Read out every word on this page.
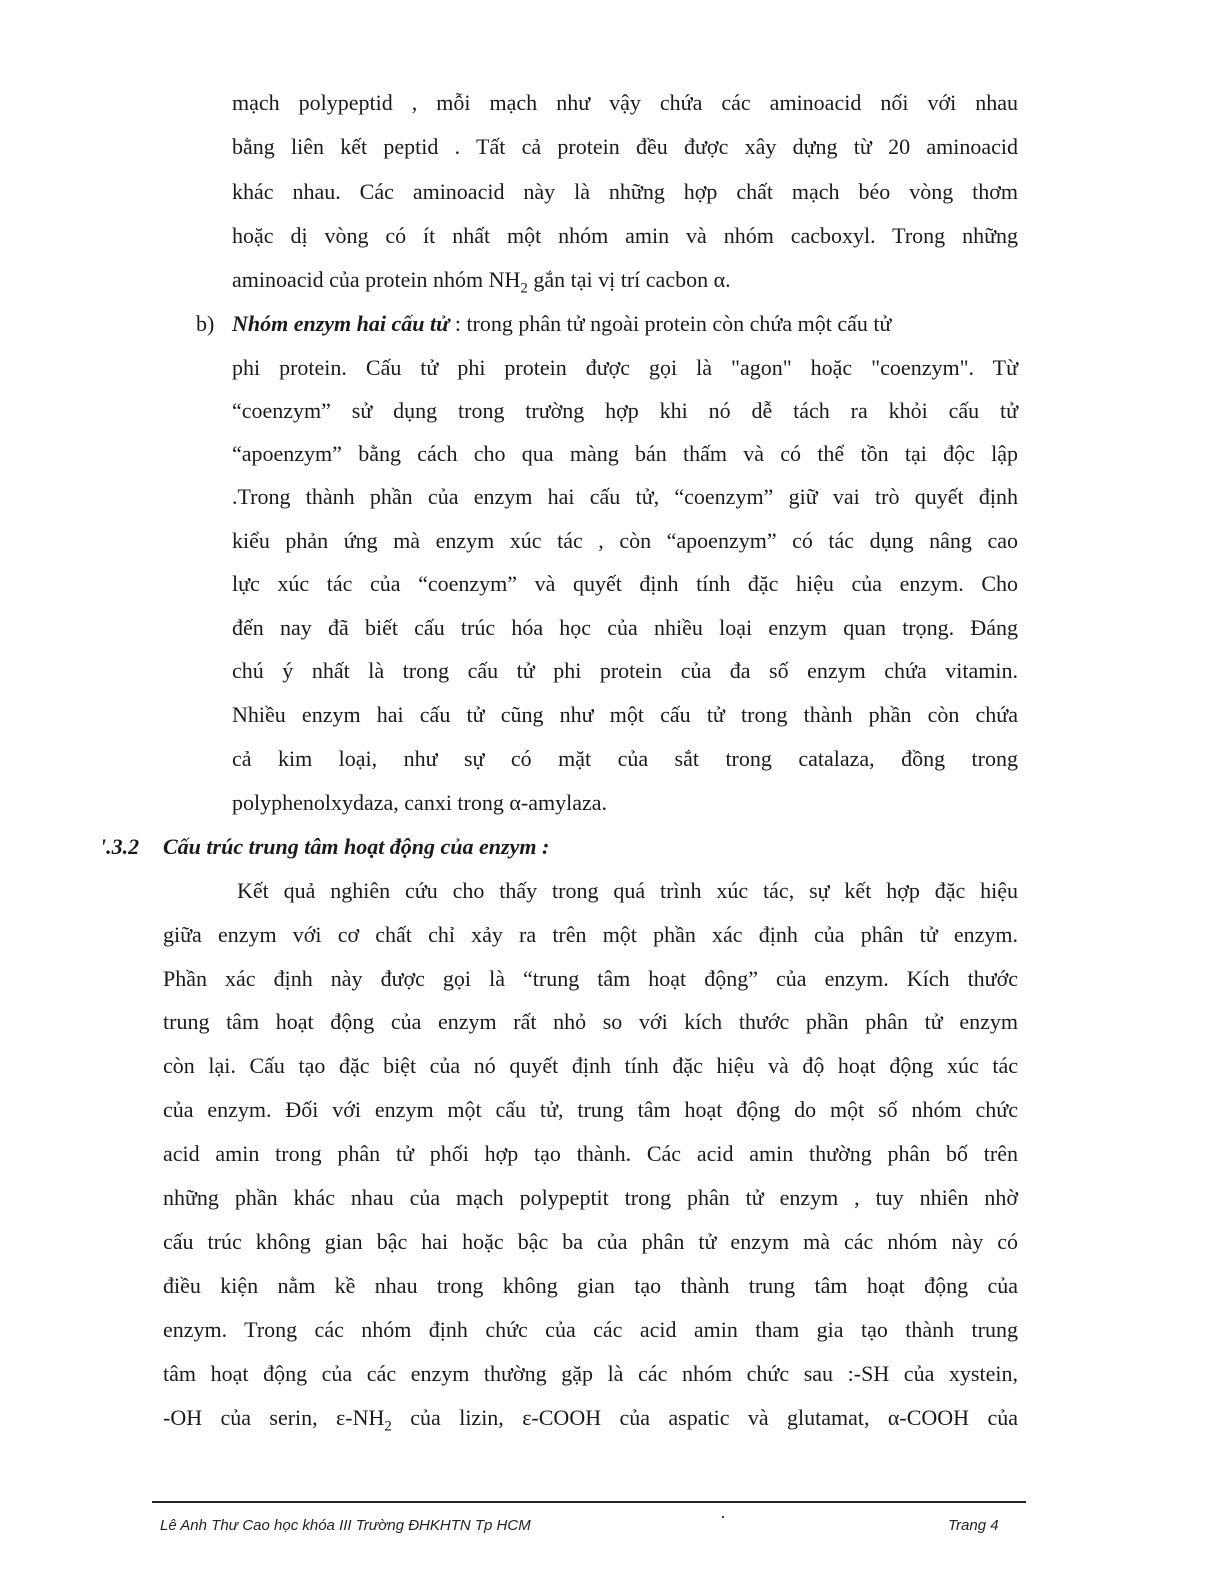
mạch polypeptid , mỗi mạch như vậy chứa các aminoacid nối với nhau
bằng liên kết peptid . Tất cả protein đều được xây dựng từ 20 aminoacid
khác nhau. Các aminoacid này là những hợp chất mạch béo vòng thơm
hoặc dị vòng có ít nhất một nhóm amin và nhóm cacboxyl. Trong những
aminoacid của protein nhóm $NH_2$ gắn tại vị trí cacbon α.
b) Nhóm enzym hai cấu tử : trong phân tử ngoài protein còn chứa một cấu tử
phi protein. Cấu tử phi protein được gọi là "agon" hoặc "coenzym". Từ
“coenzym” sử dụng trong trường hợp khi nó dễ tách ra khỏi cấu tử
“apoenzym” bằng cách cho qua màng bán thấm và có thể tồn tại độc lập
.Trong thành phần của enzym hai cấu tử, “coenzym” giữ vai trò quyết định
kiểu phản ứng mà enzym xúc tác , còn “apoenzym” có tác dụng nâng cao
lực xúc tác của “coenzym” và quyết định tính đặc hiệu của enzym. Cho
đến nay đã biết cấu trúc hóa học của nhiều loại enzym quan trọng. Đáng
chú ý nhất là trong cấu tử phi protein của đa số enzym chứa vitamin.
Nhiều enzym hai cấu tử cũng như một cấu tử trong thành phần còn chứa
cả kim loại, như sự có mặt của sắt trong catalaza, đồng trong
polyphenolxydaza, canxi trong α-amylaza.
'.3.2 Cấu trúc trung tâm hoạt động của enzym :
Kết quả nghiên cứu cho thấy trong quá trình xúc tác, sự kết hợp đặc hiệu
giữa enzym với cơ chất chỉ xảy ra trên một phần xác định của phân tử enzym.
Phần xác định này được gọi là “trung tâm hoạt động” của enzym. Kích thước
trung tâm hoạt động của enzym rất nhỏ so với kích thước phần phân tử enzym
còn lại. Cấu tạo đặc biệt của nó quyết định tính đặc hiệu và độ hoạt động xúc tác
của enzym. Đối với enzym một cấu tử, trung tâm hoạt động do một số nhóm chức
acid amin trong phân tử phối hợp tạo thành. Các acid amin thường phân bố trên
những phần khác nhau của mạch polypeptit trong phân tử enzym , tuy nhiên nhờ
cấu trúc không gian bậc hai hoặc bậc ba của phân tử enzym mà các nhóm này có
điều kiện nằm kề nhau trong không gian tạo thành trung tâm hoạt động của
enzym. Trong các nhóm định chức của các acid amin tham gia tạo thành trung
tâm hoạt động của các enzym thường gặp là các nhóm chức sau :-SH của xystein,
-OH của serin, $\varepsilon-NH_2$ của lizin, ε-COOH của aspatic và glutamat, α-COOH của
Lê Anh Thư Cao học khóa III Trường ĐHKHTN Tp HCM	Trang 4
